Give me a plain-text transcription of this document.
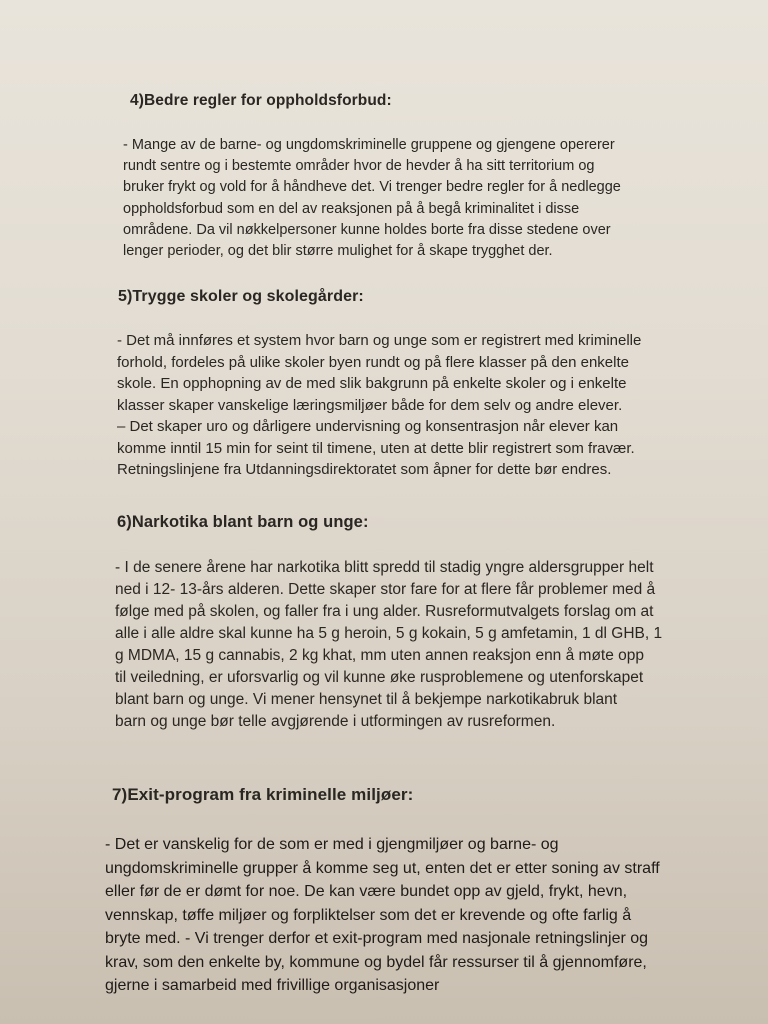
4)Bedre regler for oppholdsforbud:

- Mange av de barne- og ungdomskriminelle gruppene og gjengene opererer
rundt sentre og i bestemte områder hvor de hevder å ha sitt territorium og
bruker frykt og vold for å håndheve det. Vi trenger bedre regler for å nedlegge
oppholdsforbud som en del av reaksjonen på å begå kriminalitet i disse
områdene. Da vil nøkkelpersoner kunne holdes borte fra disse stedene over
lenger perioder, og det blir større mulighet for å skape trygghet der.

5)Trygge skoler og skolegårder:

- Det må innføres et system hvor barn og unge som er registrert med kriminelle
forhold, fordeles på ulike skoler byen rundt og på flere klasser på den enkelte
skole. En opphopning av de med slik bakgrunn på enkelte skoler og i enkelte
klasser skaper vanskelige læringsmiljøer både for dem selv og andre elever.
– Det skaper uro og dårligere undervisning og konsentrasjon når elever kan
komme inntil 15 min for seint til timene, uten at dette blir registrert som fravær.
Retningslinjene fra Utdanningsdirektoratet som åpner for dette bør endres.

6)Narkotika blant barn og unge:

- I de senere årene har narkotika blitt spredd til stadig yngre aldersgrupper helt
ned i 12- 13-års alderen. Dette skaper stor fare for at flere får problemer med å
følge med på skolen, og faller fra i ung alder. Rusreformutvalgets forslag om at
alle i alle aldre skal kunne ha 5 g heroin, 5 g kokain, 5 g amfetamin, 1 dl GHB, 1
g MDMA, 15 g cannabis, 2 kg khat, mm uten annen reaksjon enn å møte opp
til veiledning, er uforsvarlig og vil kunne øke rusproblemene og utenforskapet
blant barn og unge. Vi mener hensynet til å bekjempe narkotikabruk blant
barn og unge bør telle avgjørende i utformingen av rusreformen.

7)Exit-program fra kriminelle miljøer:

- Det er vanskelig for de som er med i gjengmiljøer og barne- og
ungdomskriminelle grupper å komme seg ut, enten det er etter soning av straff
eller før de er dømt for noe. De kan være bundet opp av gjeld, frykt, hevn,
vennskap, tøffe miljøer og forpliktelser som det er krevende og ofte farlig å
bryte med. - Vi trenger derfor et exit-program med nasjonale retningslinjer og
krav, som den enkelte by, kommune og bydel får ressurser til å gjennomføre,
gjerne i samarbeid med frivillige organisasjoner
